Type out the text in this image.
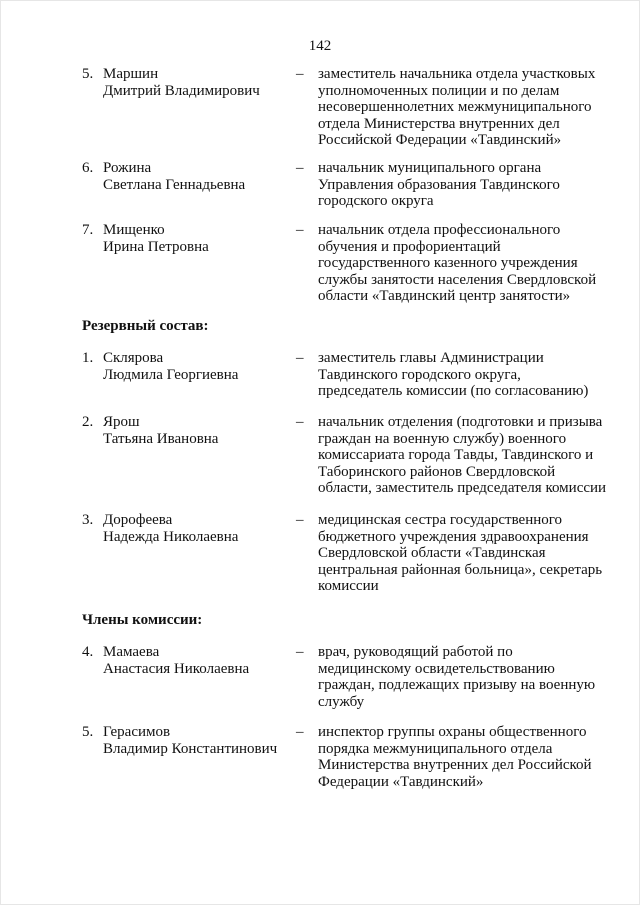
142
5. Маршин
Дмитрий Владимирович
– заместитель начальника отдела участковых
уполномоченных полиции и по делам
несовершеннолетних межмуниципального
отдела Министерства внутренних дел
Российской Федерации «Тавдинский»
6. Рожина
Светлана Геннадьевна
– начальник муниципального органа
Управления образования Тавдинского
городского округа
7. Мищенко
Ирина Петровна
– начальник отдела профессионального
обучения и профориентаций
государственного казенного учреждения
службы занятости населения Свердловской
области «Тавдинский центр занятости»
Резервный состав:
1. Склярова
Людмила Георгиевна
– заместитель главы Администрации
Тавдинского городского округа,
председатель комиссии (по согласованию)
2. Ярош
Татьяна Ивановна
– начальник отделения (подготовки и призыва
граждан на военную службу) военного
комиссариата города Тавды, Тавдинского и
Таборинского районов Свердловской
области, заместитель председателя комиссии
3. Дорофеева
Надежда Николаевна
– медицинская сестра государственного
бюджетного учреждения здравоохранения
Свердловской области «Тавдинская
центральная районная больница», секретарь
комиссии
Члены комиссии:
4. Мамаева
Анастасия Николаевна
– врач, руководящий работой по
медицинскому освидетельствованию
граждан, подлежащих призыву на военную
службу
5. Герасимов
Владимир Константинович
– инспектор группы охраны общественного
порядка межмуниципального отдела
Министерства внутренних дел Российской
Федерации «Тавдинский»
